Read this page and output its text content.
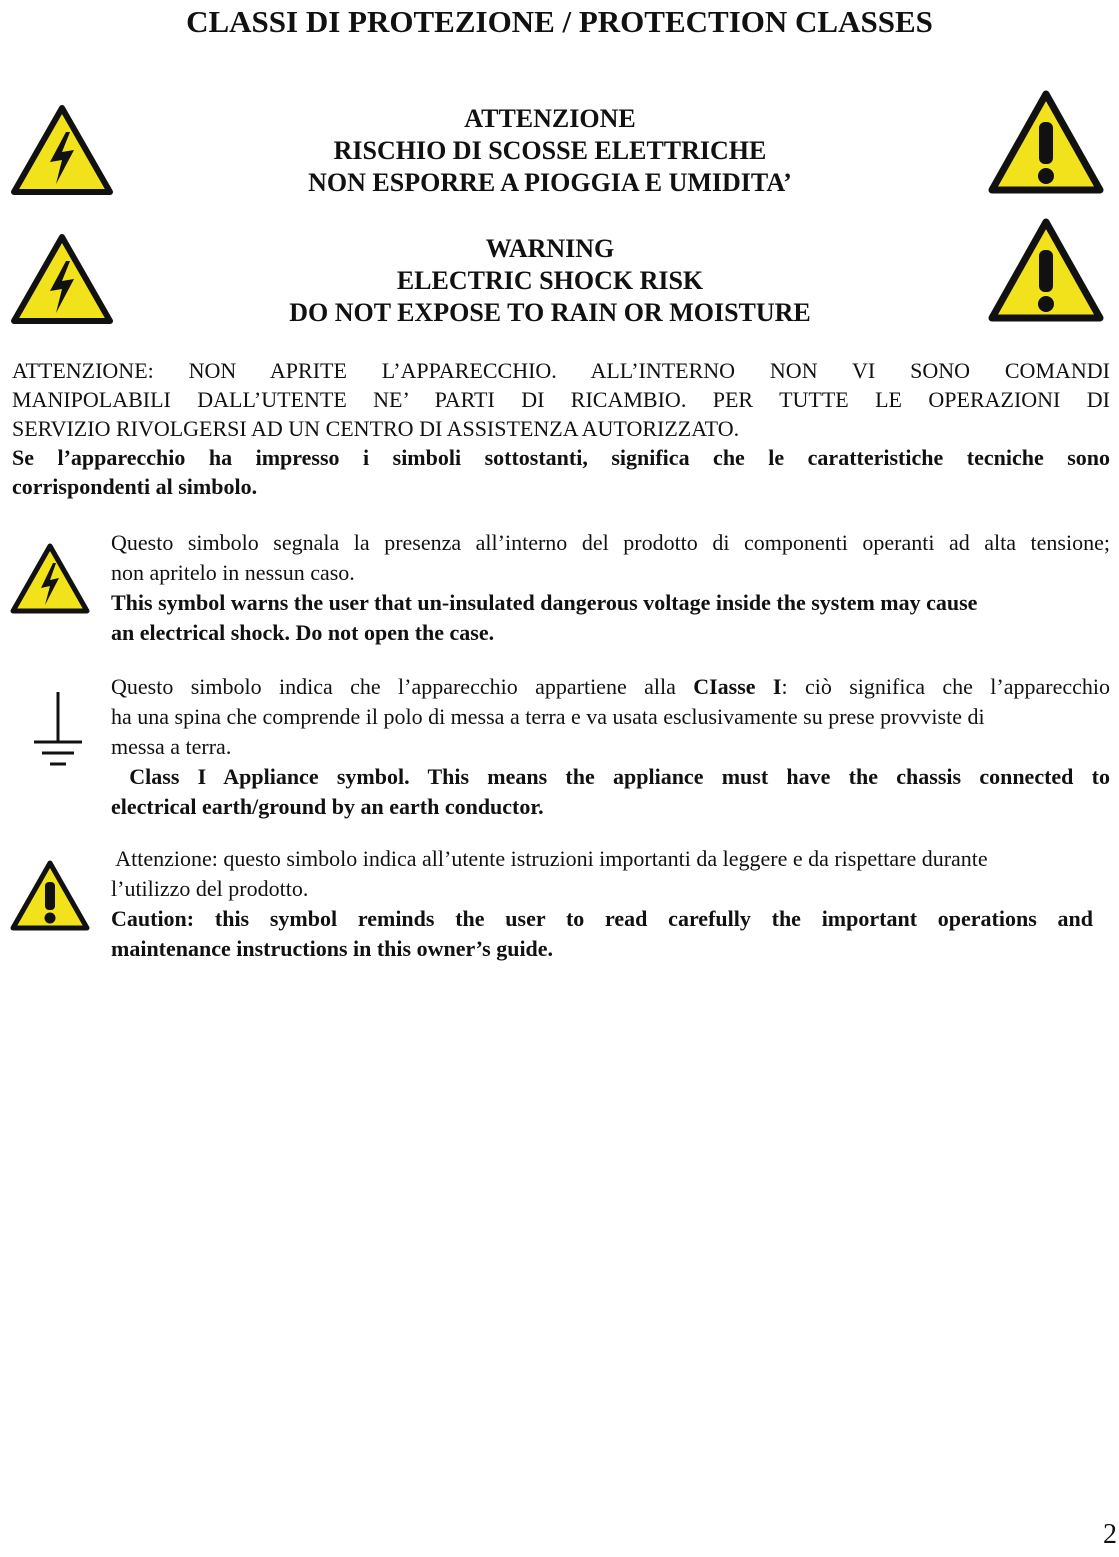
CLASSI DI PROTEZIONE / PROTECTION CLASSES
ATTENZIONE
RISCHIO DI SCOSSE ELETTRICHE
NON ESPORRE A PIOGGIA E UMIDITA’
WARNING
ELECTRIC SHOCK RISK
DO NOT EXPOSE TO RAIN OR MOISTURE
ATTENZIONE: NON APRITE L’APPARECCHIO. ALL’INTERNO NON VI SONO COMANDI
MANIPOLABILI DALL’UTENTE NE’ PARTI DI RICAMBIO. PER TUTTE LE OPERAZIONI DI
SERVIZIO RIVOLGERSI AD UN CENTRO DI ASSISTENZA AUTORIZZATO.
Se l’apparecchio ha impresso i simboli sottostanti, significa che le caratteristiche tecniche sono
corrispondenti al simbolo.
Questo simbolo segnala la presenza all’interno del prodotto di componenti operanti ad alta tensione;
non apritelo in nessun caso.
This symbol warns the user that un-insulated dangerous voltage inside the system may cause
an electrical shock. Do not open the case.
Questo simbolo indica che l’apparecchio appartiene alla CIasse I: ciò significa che l’apparecchio
ha una spina che comprende il polo di messa a terra e va usata esclusivamente su prese provviste di
messa a terra.
Class I Appliance symbol. This means the appliance must have the chassis connected to
electrical earth/ground by an earth conductor.
Attenzione: questo simbolo indica all’utente istruzioni importanti da leggere e da rispettare durante
l’utilizzo del prodotto.
Caution: this symbol reminds the user to read carefully the important operations and
maintenance instructions in this owner’s guide.
2
